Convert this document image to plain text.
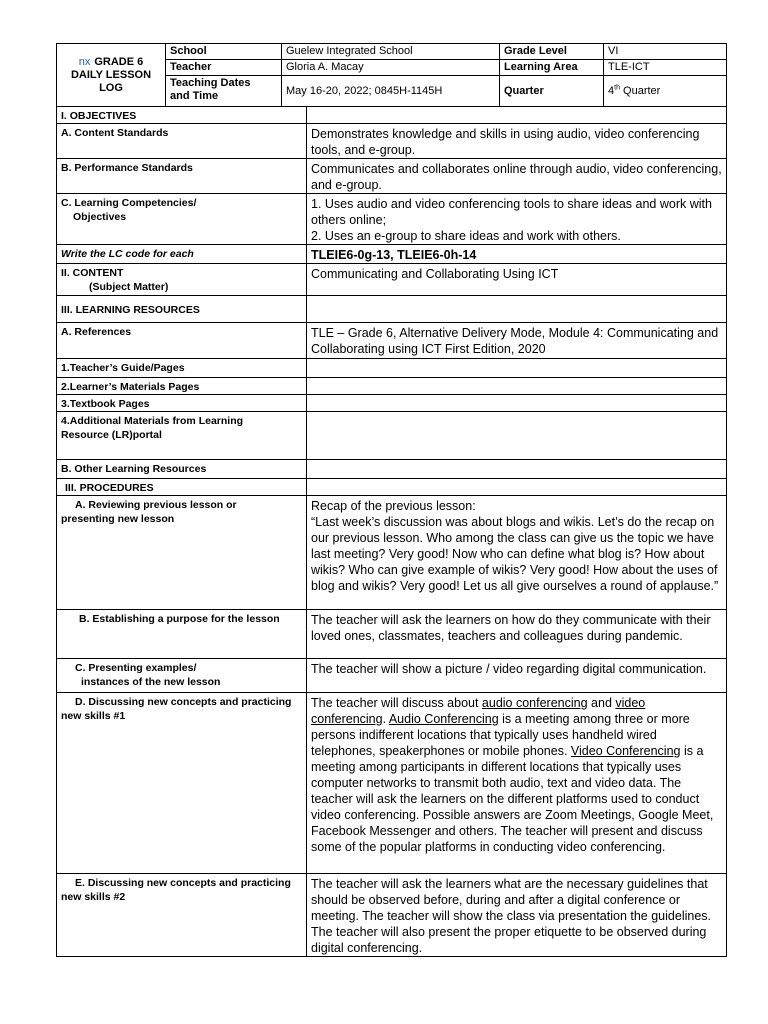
nx GRADE 6
DAILY LESSON
LOG	School	Guelew Integrated School	Grade Level	VI
	Teacher	Gloria A. Macay	Learning Area	TLE-ICT
	Teaching Dates
and Time	May 16-20, 2022; 0845H-1145H	Quarter	4th Quarter
I. OBJECTIVES	
A. Content Standards	Demonstrates knowledge and skills in using audio, video conferencing tools, and e-group.
B. Performance Standards	Communicates and collaborates online through audio, video conferencing, and e-group.
C. Learning Competencies/
Objectives	1. Uses audio and video conferencing tools to share ideas and work with others online;
2. Uses an e-group to share ideas and work with others.
Write the LC code for each	TLEIE6-0g-13, TLEIE6-0h-14
II. CONTENT

(Subject Matter)	Communicating and Collaborating Using ICT
III. LEARNING RESOURCES	
A. References	TLE – Grade 6, Alternative Delivery Mode, Module 4: Communicating and Collaborating using ICT First Edition, 2020
1.Teacher’s Guide/Pages	
2.Learner’s Materials Pages	
3.Textbook Pages	
4.Additional Materials from Learning
Resource (LR)portal	
B. Other Learning Resources	
III. PROCEDURES	
A. Reviewing previous lesson or
presenting new lesson	Recap of the previous lesson:
“Last week’s discussion was about blogs and wikis. Let’s do the recap on our previous lesson. Who among the class can give us the topic we have last meeting? Very good! Now who can define what blog is? How about wikis? Who can give example of wikis? Very good! How about the uses of blog and wikis? Very good! Let us all give ourselves a round of applause.”
B. Establishing a purpose for the lesson	The teacher will ask the learners on how do they communicate with their loved ones, classmates, teachers and colleagues during pandemic.
C. Presenting examples/
instances of the new lesson	The teacher will show a picture / video regarding digital communication.
D. Discussing new concepts and practicing
new skills #1	The teacher will discuss about audio conferencing and video conferencing. Audio Conferencing is a meeting among three or more persons indifferent locations that typically uses handheld wired telephones, speakerphones or mobile phones. Video Conferencing is a meeting among participants in different locations that typically uses computer networks to transmit both audio, text and video data. The teacher will ask the learners on the different platforms used to conduct video conferencing. Possible answers are Zoom Meetings, Google Meet, Facebook Messenger and others. The teacher will present and discuss some of the popular platforms in conducting video conferencing.
E. Discussing new concepts and practicing
new skills #2	The teacher will ask the learners what are the necessary guidelines that should be observed before, during and after a digital conference or meeting. The teacher will show the class via presentation the guidelines. The teacher will also present the proper etiquette to be observed during digital conferencing.
